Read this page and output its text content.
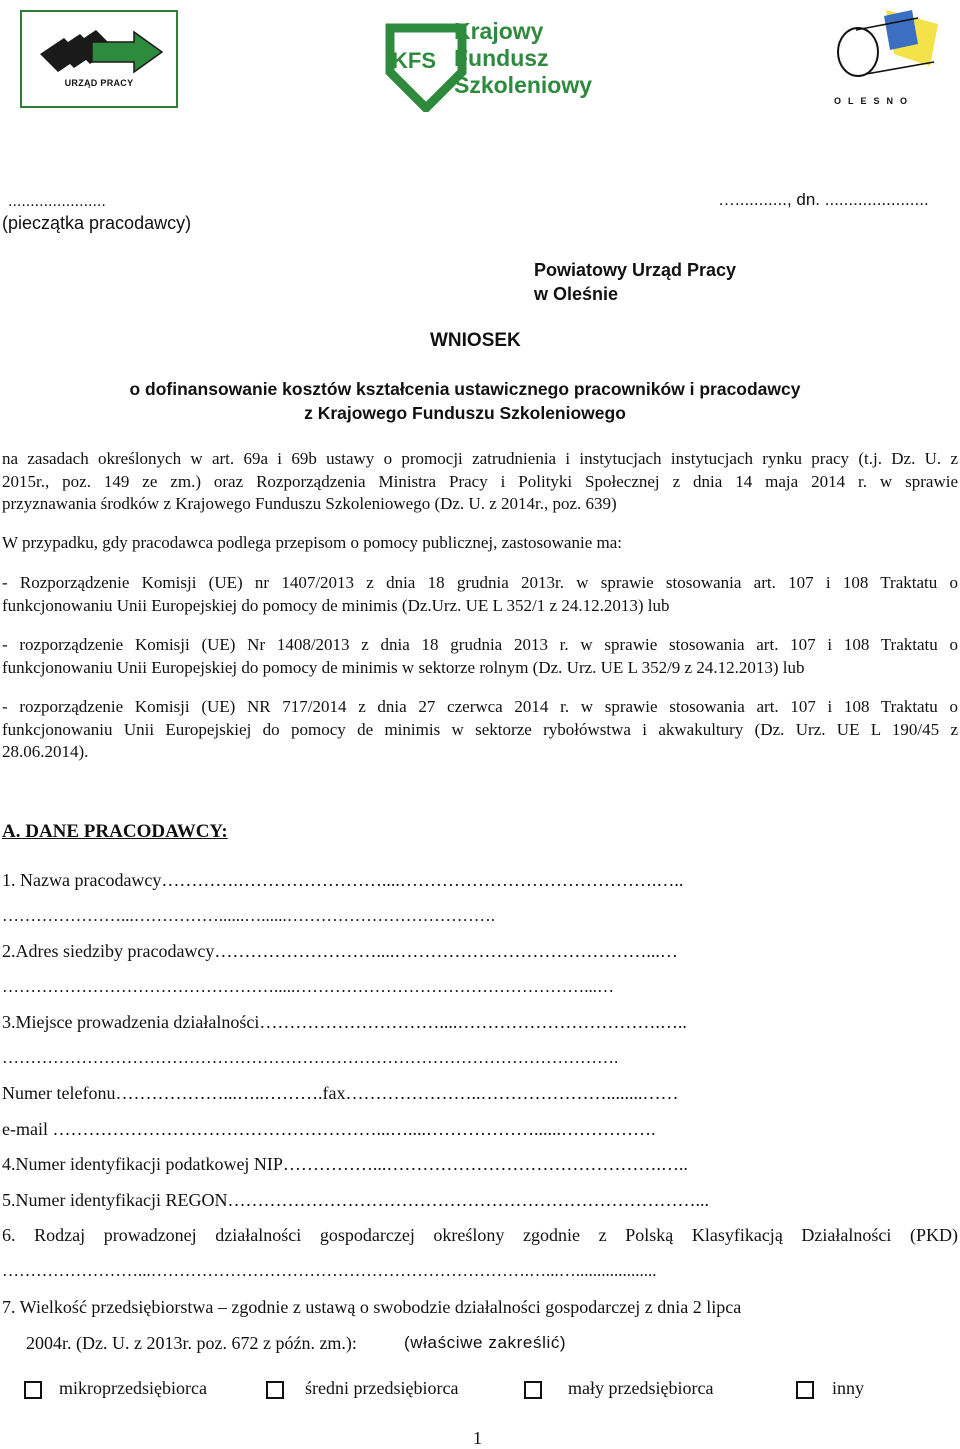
URZĄD PRACY
KFS
Krajowy
Fundusz
Szkoleniowy
OLESNO
......................
(pieczątka pracodawcy)
…..........., dn. ......................
Powiatowy Urząd Pracy
w Oleśnie
WNIOSEK
o dofinansowanie kosztów kształcenia ustawicznego pracowników i pracodawcy
z Krajowego Funduszu Szkoleniowego
na zasadach określonych w art. 69a i 69b ustawy o promocji zatrudnienia i instytucjach instytucjach rynku pracy (t.j. Dz. U. z
2015r., poz. 149 ze zm.) oraz Rozporządzenia Ministra Pracy i Polityki Społecznej z dnia 14 maja 2014 r. w sprawie
przyznawania środków z Krajowego Funduszu Szkoleniowego (Dz. U. z 2014r., poz. 639)
W przypadku, gdy pracodawca podlega przepisom o pomocy publicznej, zastosowanie ma:
- Rozporządzenie Komisji (UE) nr 1407/2013 z dnia 18 grudnia 2013r. w sprawie stosowania art. 107 i 108 Traktatu o
funkcjonowaniu Unii Europejskiej do pomocy de minimis (Dz.Urz. UE L 352/1 z 24.12.2013) lub
- rozporządzenie Komisji (UE) Nr 1408/2013 z dnia 18 grudnia 2013 r. w sprawie stosowania art. 107 i 108 Traktatu o
funkcjonowaniu Unii Europejskiej do pomocy de minimis w sektorze rolnym (Dz. Urz. UE L 352/9 z 24.12.2013) lub
- rozporządzenie Komisji (UE) NR 717/2014 z dnia 27 czerwca 2014 r. w sprawie stosowania art. 107 i 108 Traktatu o
funkcjonowaniu Unii Europejskiej do pomocy de minimis w sektorze rybołówstwa i akwakultury (Dz. Urz. UE L 190/45 z
28.06.2014).
A. DANE PRACODAWCY:
1. Nazwa pracodawcy………….……………………....…………………………………….…..
…………………...……………......…......……………………………….
2.Adres siedziby pracodawcy………………………....……………………………………...…
………………………………………….....……………………………………………...…
3.Miejsce prowadzenia działalności…………………………....…………………………….…..
……………………………………………………………………………………………….
Numer telefonu………………...…..……….fax…………………..…………………........……
e-mail ………………………………………………...…....………………......…………….
4.Numer identyfikacji podatkowej NIP……………...……………………………………….…..
5.Numer identyfikacji REGON……………………………………………………………………...
6. Rodzaj prowadzonej działalności gospodarczej określony zgodnie z Polską Klasyfikacją Działalności (PKD)
……………………...………………………………………………………….…...…...................
7. Wielkość przedsiębiorstwa – zgodnie z ustawą o swobodzie działalności gospodarczej z dnia 2 lipca
2004r. (Dz. U. z 2013r. poz. 672 z późn. zm.):	(właściwe zakreślić)
mikroprzedsiębiorca	średni przedsiębiorca	mały przedsiębiorca	inny
1
